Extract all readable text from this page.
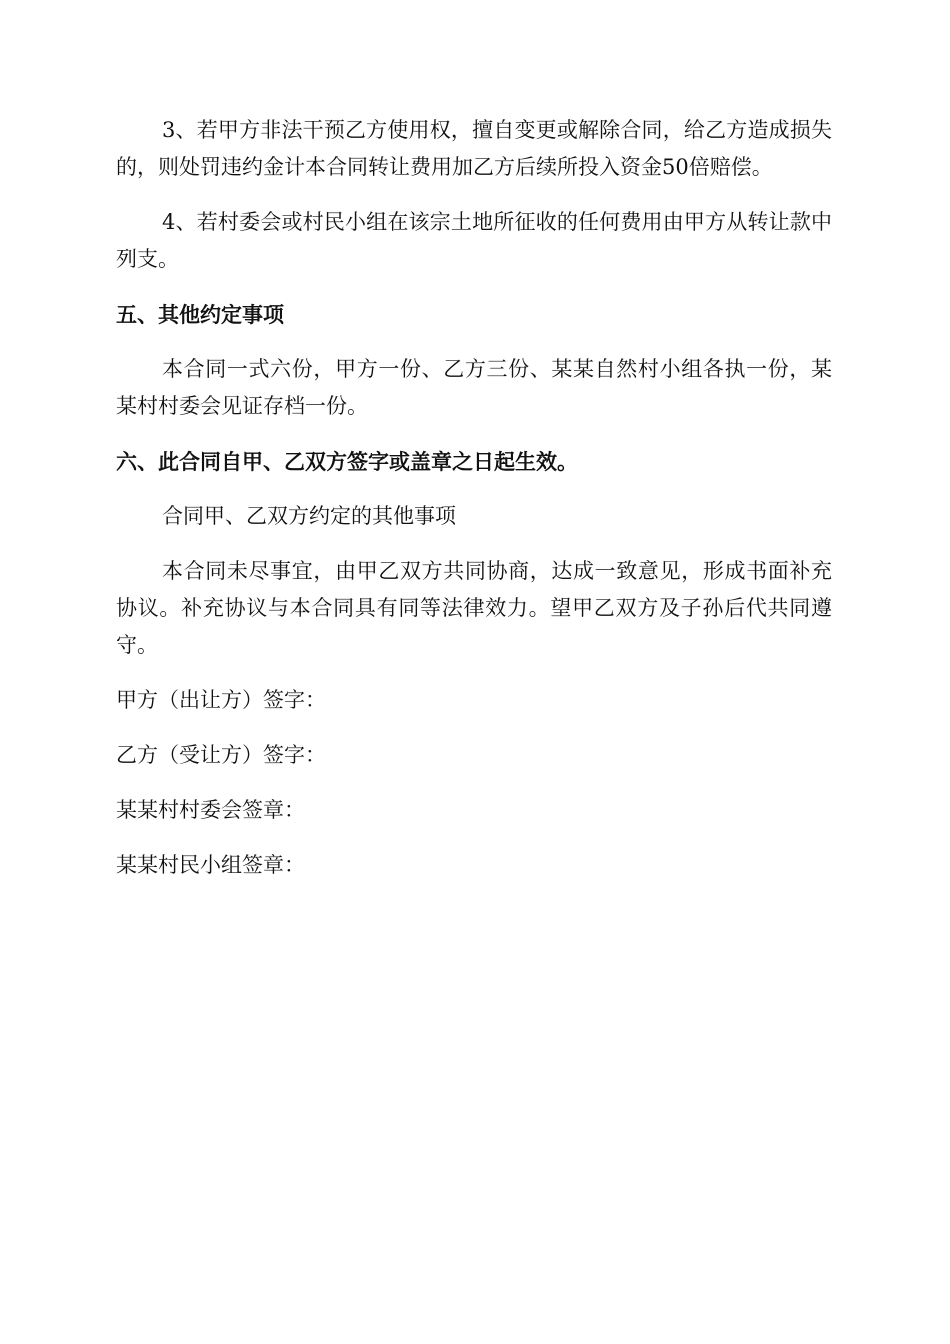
3、若甲方非法干预乙方使用权，擅自变更或解除合同，给乙方造成损失的，则处罚违约金计本合同转让费用加乙方后续所投入资金50倍赔偿。

4、若村委会或村民小组在该宗土地所征收的任何费用由甲方从转让款中列支。

五、其他约定事项

本合同一式六份，甲方一份、乙方三份、某某自然村小组各执一份，某某村村委会见证存档一份。

六、此合同自甲、乙双方签字或盖章之日起生效。

合同甲、乙双方约定的其他事项

本合同未尽事宜，由甲乙双方共同协商，达成一致意见，形成书面补充协议。补充协议与本合同具有同等法律效力。望甲乙双方及子孙后代共同遵守。

甲方（出让方）签字：

乙方（受让方）签字：

某某村村委会签章：

某某村民小组签章：
